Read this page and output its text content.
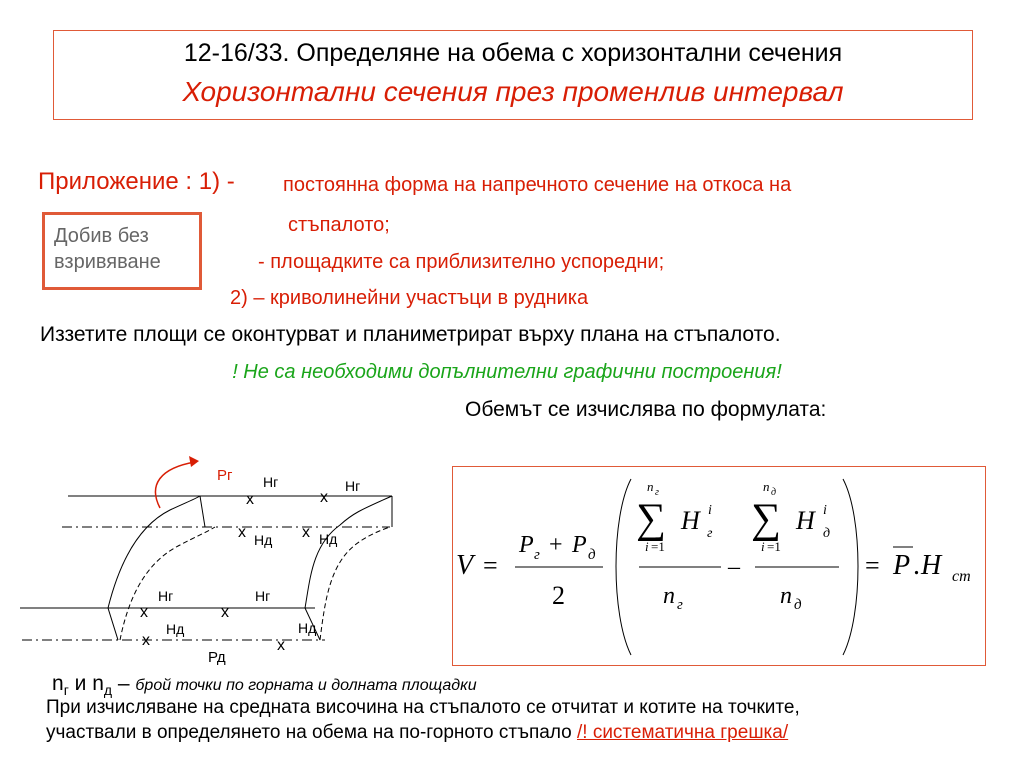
12-16/33. Определяне на обема с хоризонтални сечения
Хоризонтални сечения през променлив интервал
Приложение : 1) - постоянна форма на напречното сечение на откоса на
стъпалото;
- площадките са приблизително успоредни;
2) – криволинейни участъци в рудника
Добив без
взривяване
Иззетите площи се оконтурват и планиметрират върху плана на стъпалото.
! Не са необходими допълнителни графични построения!
Обемът се изчислява по формулата:
Рг Нг	Нг
х	х
х	х
Нд	Нд
Нг	Нг
х	х
Нд	Нд
х	х
Рд
V =
P г + P д
2
n г
∑
i =1
H i
г
n г
–
n д
∑
i =1
H i
д
n д
= P . H ст
$n_г$ и $n_д$ – брой точки по горната и долната площадки
При изчисляване на средната височина на стъпалото се отчитат и котите на точките,
участвали в определянето на обема на по-горното стъпало /! систематична грешка/
